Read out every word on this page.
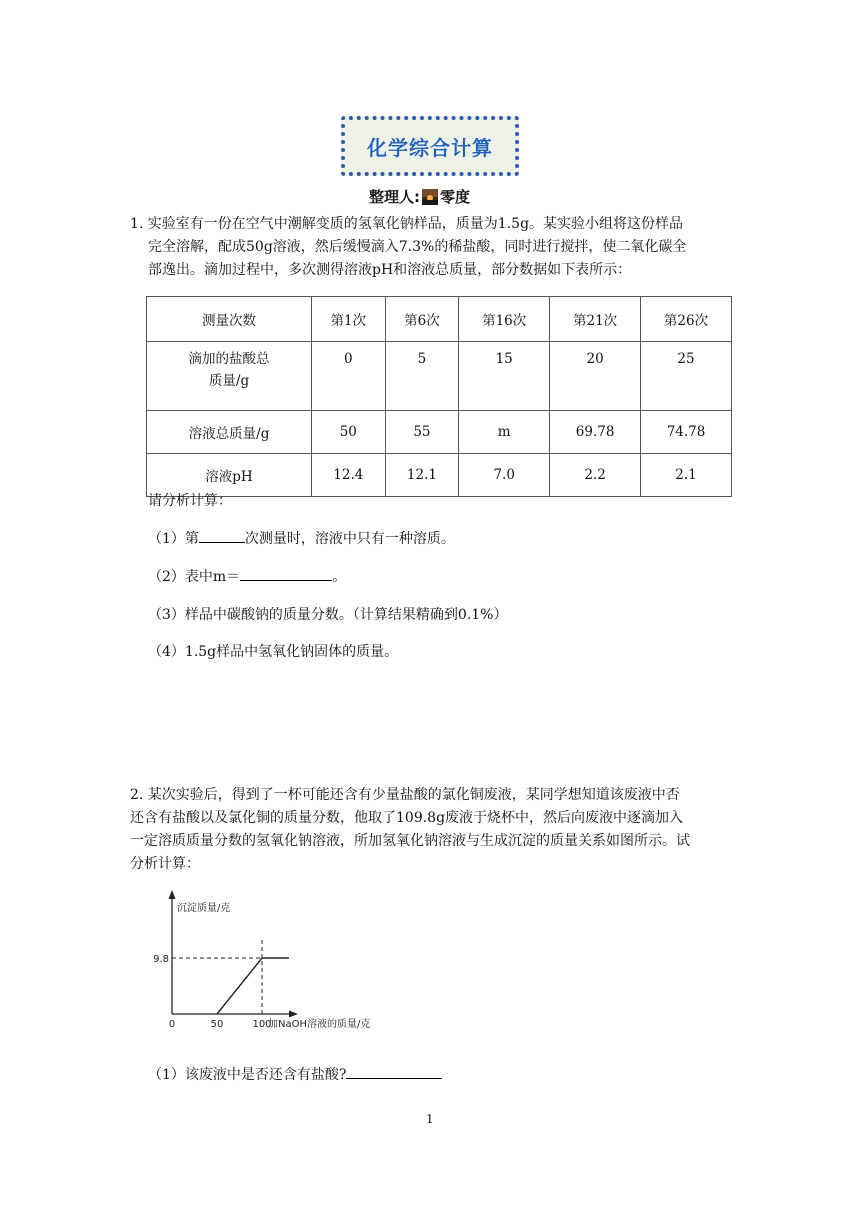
化学综合计算
整理人: 零度
1. 实验室有一份在空气中潮解变质的氢氧化钠样品，质量为1.5g。某实验小组将这份样品
完全溶解，配成50g溶液，然后缓慢滴入7.3%的稀盐酸，同时进行搅拌，使二氧化碳全
部逸出。滴加过程中，多次测得溶液pH和溶液总质量，部分数据如下表所示：
测量次数	第1次	第6次	第16次	第21次	第26次

滴加的盐酸总
质量/g	0	5	15	20	25
溶液总质量/g	50	55	m	69.78	74.78
溶液pH	12.4	12.1	7.0	2.2	2.1
请分析计算：
（1）第	次测量时，溶液中只有一种溶质。
（2）表中m＝	。
（3）样品中碳酸钠的质量分数。（计算结果精确到0.1%）
（4）1.5g样品中氢氧化钠固体的质量。
2. 某次实验后，得到了一杯可能还含有少量盐酸的氯化铜废液，某同学想知道该废液中否
还含有盐酸以及氯化铜的质量分数，他取了109.8g废液于烧杯中，然后向废液中逐滴加入
一定溶质质量分数的氢氧化钠溶液，所加氢氧化钠溶液与生成沉淀的质量关系如图所示。试
分析计算：
沉淀质量/克
加NaOH溶液的质量/克
0	50	100
9.8
（1）该废液中是否还含有盐酸?
1
